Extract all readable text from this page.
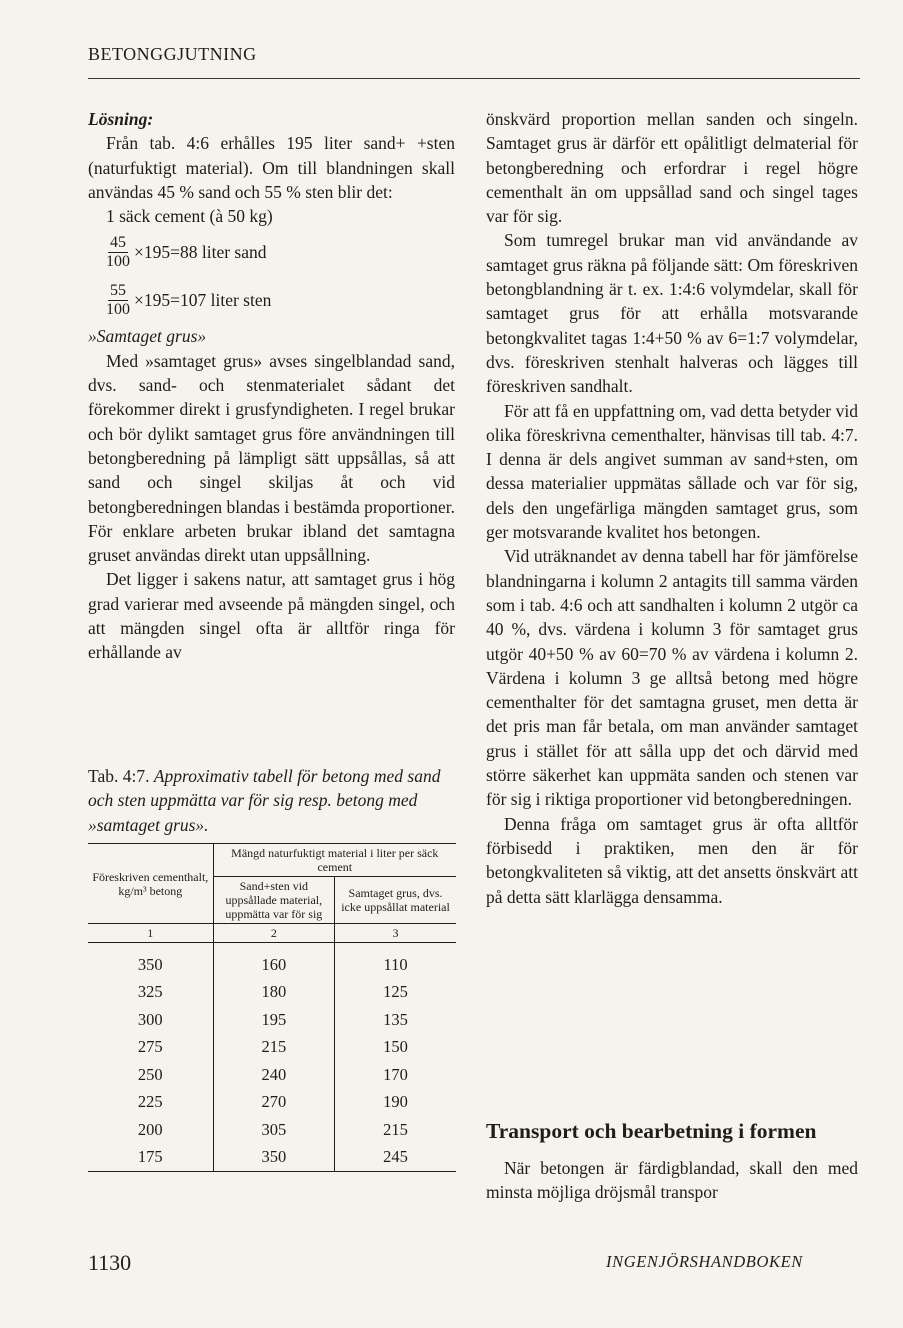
BETONGGJUTNING

Lösning:

Från tab. 4:6 erhålles 195 liter sand+ +sten (naturfuktigt material). Om till blandningen skall användas 45 % sand och 55 % sten blir det:

1 säck cement (à 50 kg)
$\frac{45}{100} \times 195=88$ liter sand
$\frac{55}{100} \times 195=107$ liter sten

»Samtaget grus»

Med »samtaget grus» avses singelblandad sand, dvs. sand- och stenmaterialet sådant det förekommer direkt i grusfyndigheten. I regel brukar och bör dylikt samtaget grus före användningen till betongberedning på lämpligt sätt uppsållas, så att sand och singel skiljas åt och vid betongberedningen blandas i bestämda proportioner. För enklare arbeten brukar ibland det samtagna gruset användas direkt utan uppsållning.

Det ligger i sakens natur, att samtaget grus i hög grad varierar med avseende på mängden singel, och att mängden singel ofta är alltför ringa för erhållande av

Tab. 4:7. Approximativ tabell för betong med sand och sten uppmätta var för sig resp. betong med »samtaget grus».
Föreskriven cementhalt, kg/m³ betong	Mängd naturfuktigt material i liter per säck cement	
	Sand+sten vid uppsållade material, uppmätta var för sig	Samtaget grus, dvs. icke uppsållat material
1	2	3

350	160	110
325	180	125
300	195	135
275	215	150
250	240	170
225	270	190
200	305	215
175	350	245

önskvärd proportion mellan sanden och singeln. Samtaget grus är därför ett opålitligt delmaterial för betongberedning och erfordrar i regel högre cementhalt än om uppsållad sand och singel tages var för sig.

Som tumregel brukar man vid användande av samtaget grus räkna på följande sätt: Om föreskriven betongblandning är t. ex. 1:4:6 volymdelar, skall för samtaget grus för att erhålla motsvarande betongkvalitet tagas 1:4+50 % av 6=1:7 volymdelar, dvs. föreskriven stenhalt halveras och lägges till föreskriven sandhalt.

För att få en uppfattning om, vad detta betyder vid olika föreskrivna cementhalter, hänvisas till tab. 4:7. I denna är dels angivet summan av sand+sten, om dessa materialier uppmätas sållade och var för sig, dels den ungefärliga mängden samtaget grus, som ger motsvarande kvalitet hos betongen.

Vid uträknandet av denna tabell har för jämförelse blandningarna i kolumn 2 antagits till samma värden som i tab. 4:6 och att sandhalten i kolumn 2 utgör ca 40 %, dvs. värdena i kolumn 3 för samtaget grus utgör 40+50 % av 60=70 % av värdena i kolumn 2. Värdena i kolumn 3 ge alltså betong med högre cementhalter för det samtagna gruset, men detta är det pris man får betala, om man använder samtaget grus i stället för att sålla upp det och därvid med större säkerhet kan uppmäta sanden och stenen var för sig i riktiga proportioner vid betongberedningen.

Denna fråga om samtaget grus är ofta alltför förbisedd i praktiken, men den är för betongkvaliteten så viktig, att det ansetts önskvärt att på detta sätt klarlägga densamma.

Transport och bearbetning i formen

När betongen är färdigblandad, skall den med minsta möjliga dröjsmål transpor

1130	INGENJÖRSHANDBOKEN
